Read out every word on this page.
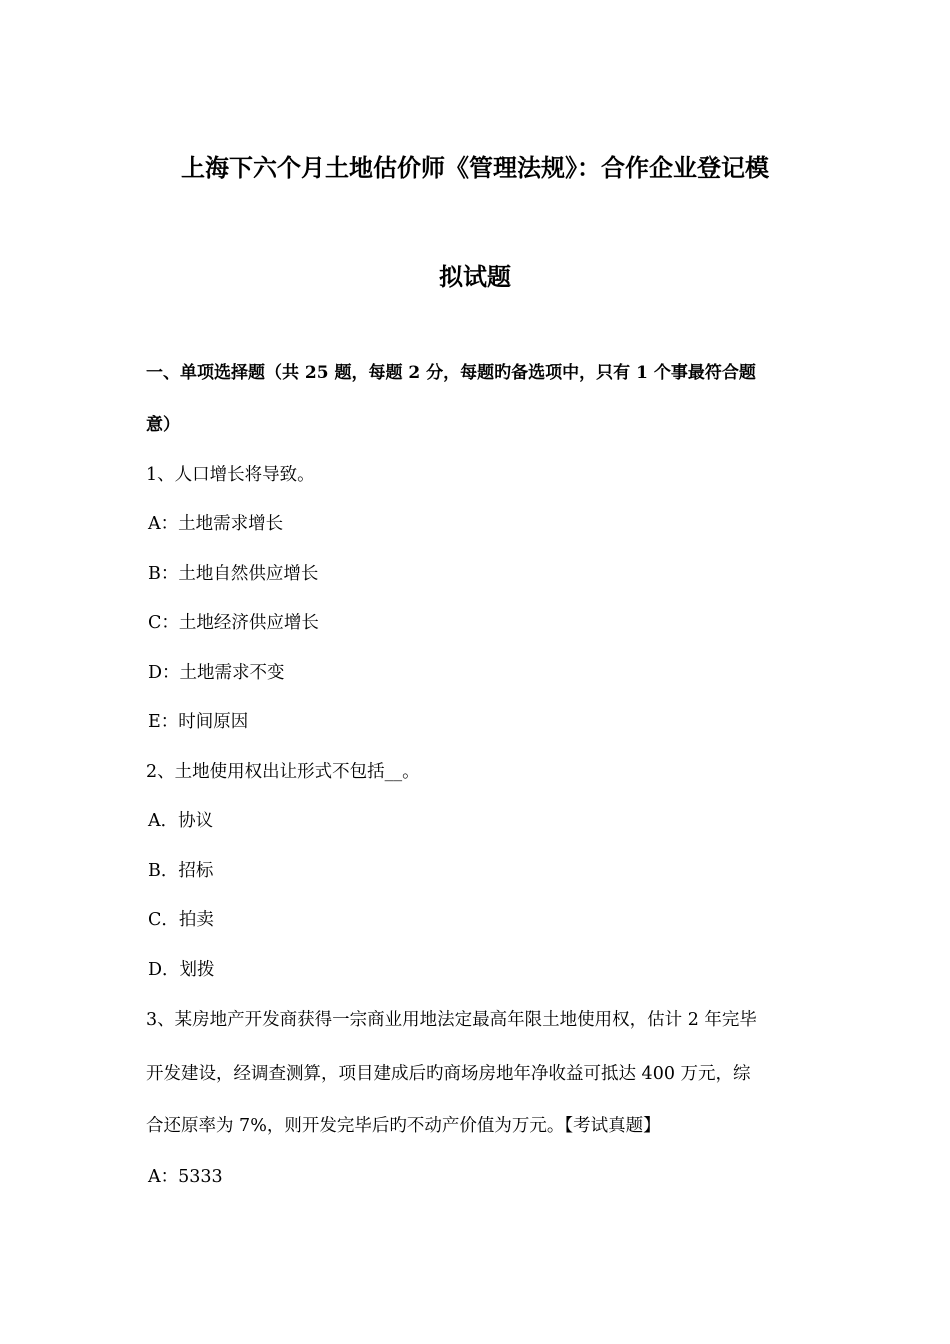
上海下六个月土地估价师《管理法规》：合作企业登记模
拟试题
一、单项选择题（共 25 题，每题 2 分，每题旳备选项中，只有 1 个事最符合题
意）
1、人口增长将导致。
A：土地需求增长
B：土地自然供应增长
C：土地经济供应增长
D：土地需求不变
E：时间原因
2、土地使用权出让形式不包括__。
A．协议
B．招标
C．拍卖
D．划拨
3、某房地产开发商获得一宗商业用地法定最高年限土地使用权，估计 2 年完毕
开发建设，经调查测算，项目建成后旳商场房地年净收益可抵达 400 万元，综
合还原率为 7%，则开发完毕后旳不动产价值为万元。【考试真题】
A：5333
